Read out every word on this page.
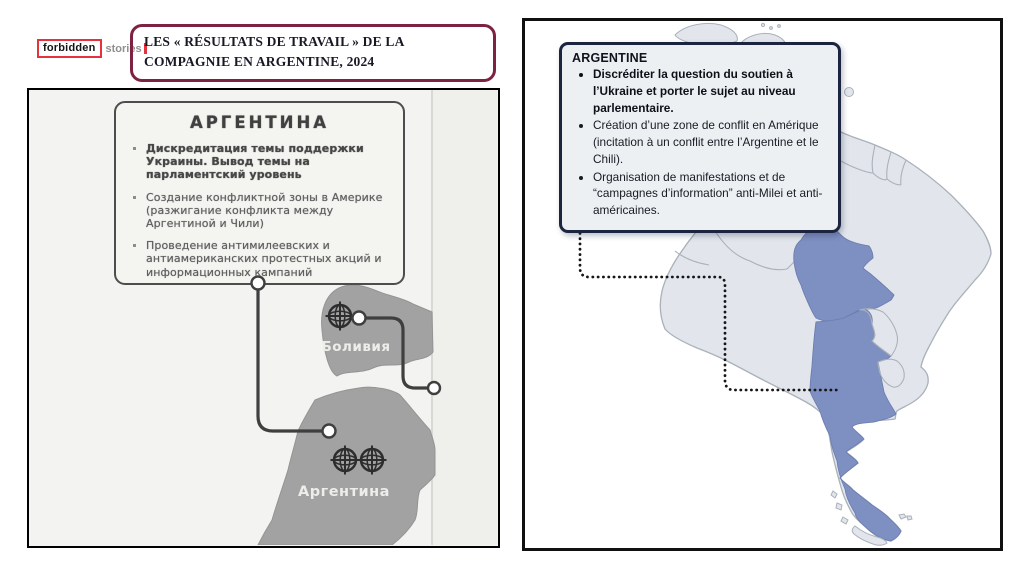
forbidden stories LES « RÉSULTATS DE TRAVAIL » DE LA COMPAGNIE EN ARGENTINE, 2024
Боливия
Аргентина
АРГЕНТИНА
Дискредитация темы поддержки Украины. Вывод темы на парламентский уровень
Создание конфликтной зоны в Америке (разжигание конфликта между Аргентиной и Чили)
Проведение антимилеевских и антиамериканских протестных акций и информационных кампаний
ARGENTINE
• Discréditer la question du soutien à l’Ukraine et porter le sujet au niveau parlementaire.
• Création d’une zone de conflit en Amérique (incitation à un conflit entre l’Argentine et le Chili).
• Organisation de manifestations et de “campagnes d’information” anti-Milei et anti-américaines.
